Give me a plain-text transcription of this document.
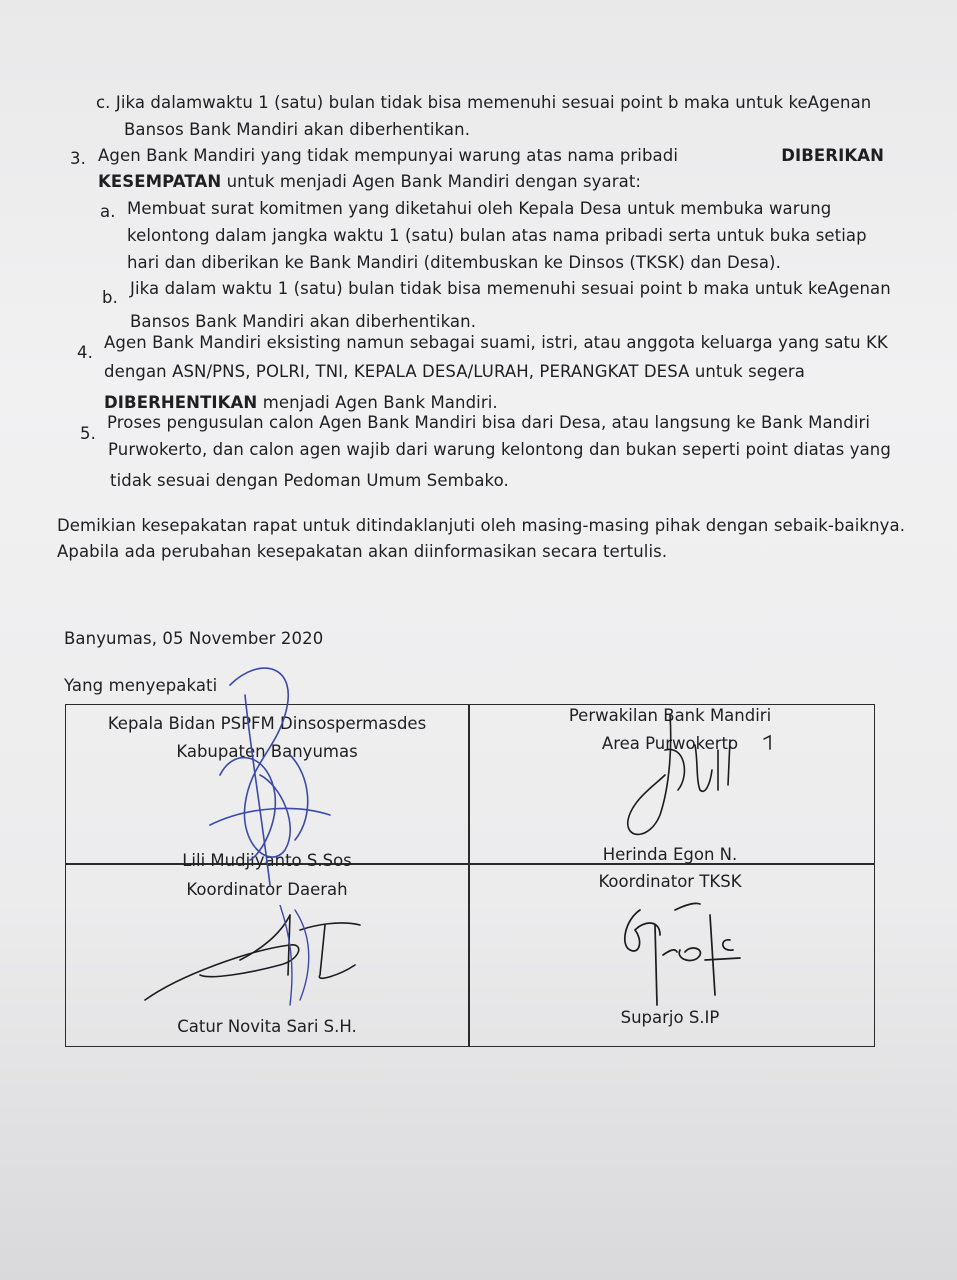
c. Jika dalamwaktu 1 (satu) bulan tidak bisa memenuhi sesuai point b maka untuk keAgenan
Bansos Bank Mandiri akan diberhentikan.
3. Agen Bank Mandiri yang tidak mempunyai warung atas nama pribadi	DIBERIKAN
KESEMPATAN untuk menjadi Agen Bank Mandiri dengan syarat:
a. Membuat surat komitmen yang diketahui oleh Kepala Desa untuk membuka warung
kelontong dalam jangka waktu 1 (satu) bulan atas nama pribadi serta untuk buka setiap
hari dan diberikan ke Bank Mandiri (ditembuskan ke Dinsos (TKSK) dan Desa).
b. Jika dalam waktu 1 (satu) bulan tidak bisa memenuhi sesuai point b maka untuk keAgenan
Bansos Bank Mandiri akan diberhentikan.
4.
Agen Bank Mandiri eksisting namun sebagai suami, istri, atau anggota keluarga yang satu KK
dengan ASN/PNS, POLRI, TNI, KEPALA DESA/LURAH, PERANGKAT DESA untuk segera
DIBERHENTIKAN menjadi Agen Bank Mandiri.
5.
Proses pengusulan calon Agen Bank Mandiri bisa dari Desa, atau langsung ke Bank Mandiri
Purwokerto, dan calon agen wajib dari warung kelontong dan bukan seperti point diatas yang
tidak sesuai dengan Pedoman Umum Sembako.
Demikian kesepakatan rapat untuk ditindaklanjuti oleh masing-masing pihak dengan sebaik-baiknya.
Apabila ada perubahan kesepakatan akan diinformasikan secara tertulis.
Banyumas, 05 November 2020
Yang menyepakati
Kepala Bidan PSPFM Dinsospermasdes
Kabupaten Banyumas
Lili Mudjiyanto S.Sos
Perwakilan Bank Mandiri
Area Purwokerto
Herinda Egon N.
Koordinator Daerah
Catur Novita Sari S.H.
Koordinator TKSK
Suparjo S.IP
